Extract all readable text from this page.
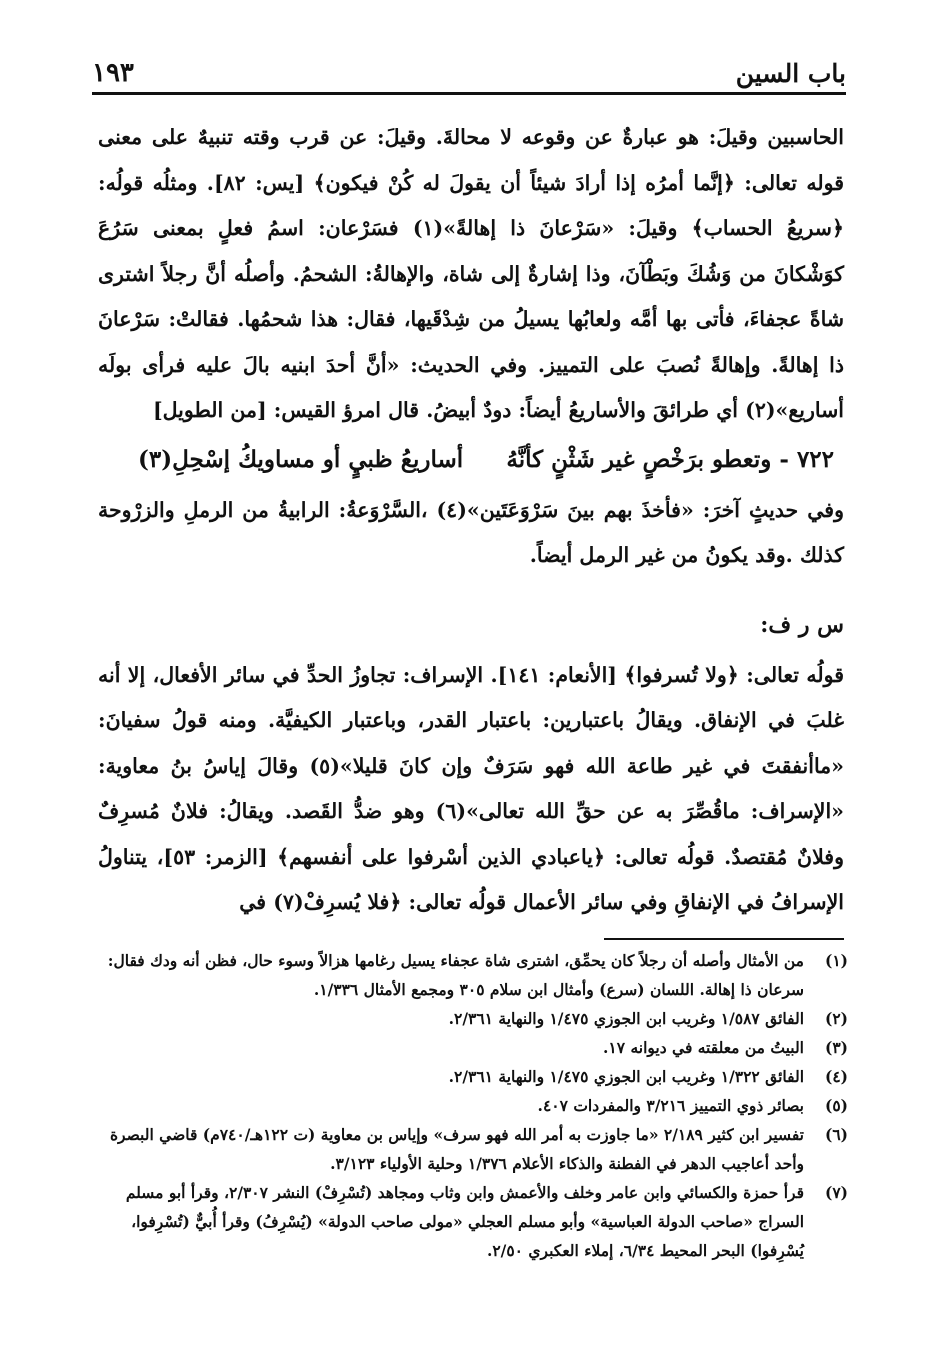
باب السين
١٩٣

الحاسبين وقيلَ: هو عبارةٌ عن وقوعه لا محالةَ. وقيلَ: عن قرب وقته تنبيهٌ على معنى قوله تعالى: ﴿إنَّما أمرُه إذا أرادَ شيئاً أن يقولَ له كُنْ فيكون﴾ [يس: ٨٢]. ومثلُه قولُه: ﴿سريعُ الحساب﴾ وقيلَ: «سَرْعانَ ذا إهالةً»(١) فسَرْعان: اسمُ فعلٍ بمعنى سَرُعَ كوَشْكانَ من وَشُكَ وبَطْآنَ، وذا إشارةٌ إلى شاة، والإهالةُ: الشحمُ. وأصلُه أنَّ رجلاً اشترى شاةً عجفاءَ، فأتى بها أمَّه ولعابُها يسيلُ من شِدْقَيها، فقال: هذا شحمُها. فقالتْ: سَرْعانَ ذا إهالةً. وإهالةً نُصبَ على التمييز. وفي الحديث: «أنَّ أحدَ ابنيه بالَ عليه فرأى بولَه أساريع»(٢) أي طرائقَ والأساريعُ أيضاً: دودٌ أبيضُ. قال امرؤ القيس: [من الطويل]

٧٢٢ - وتعطو برَخْصٍ غير شَثْنٍ كأنَّهُ
أساريعُ ظبيٍ أو مساويكُ إسْحِلِ(٣)

وفي حديثٍ آخرَ: «فأخذَ بهم بينَ سَرْوَعَتَين»(٤) ،السَّرْوَعةُ: الرابيةُ من الرملِ والزرْوحة كذلك .وقد يكونُ من غير الرمل أيضاً.

س ر ف:

قولُه تعالى: ﴿ولا تُسرفوا﴾ [الأنعام: ١٤١]. الإسراف: تجاوزُ الحدِّ في سائر الأفعال، إلا أنه غلبَ في الإنفاق. ويقالُ باعتبارين: باعتبار القدر، وباعتبار الكيفيَّة. ومنه قولُ سفيانَ: «ماأنفقتَ في غير طاعة الله فهو سَرَفٌ وإن كانَ قليلا»(٥) وقالَ إياسُ بنُ معاوية: «الإسراف: ماقُصِّرَ به عن حقِّ الله تعالى»(٦) وهو ضدُّ القَصد. ويقالُ: فلانٌ مُسرِفٌ وفلانٌ مُقتصدٌ. قولُه تعالى: ﴿ياعبادي الذين أسْرفوا على أنفسهم﴾ [الزمر: ٥٣]، يتناولُ الإسرافُ في الإنفاقِ وفي سائر الأعمال قولُه تعالى: ﴿فلا يُسرِفْ(٧) في

(١)
من الأمثال وأصله أن رجلاً كان يحمِّق، اشترى شاة عجفاء يسيل رغامها هزالاً وسوء حال، فظن أنه ودك فقال: سرعان ذا إهالة. اللسان (سرع) وأمثال ابن سلام ٣٠٥ ومجمع الأمثال ١/٣٣٦.
(٢)
الفائق ١/٥٨٧ وغريب ابن الجوزي ١/٤٧٥ والنهاية ٢/٣٦١.
(٣)
البيتُ من معلقته في ديوانه ١٧.
(٤)
الفائق ١/٣٢٢ وغريب ابن الجوزي ١/٤٧٥ والنهاية ٢/٣٦١.
(٥)
بصائر ذوي التمييز ٣/٢١٦ والمفردات ٤٠٧.
(٦)
تفسير ابن كثير ٢/١٨٩ «ما جاوزت به أمر الله فهو سرف» وإياس بن معاوية (ت ١٢٢هـ/٧٤٠م) قاضي البصرة وأحد أعاجيب الدهر في الفطنة والذكاء الأعلام ١/٣٧٦ وحلية الأولياء ٣/١٢٣.
(٧)
قرأ حمزة والكسائي وابن عامر وخلف والأعمش وابن وثاب ومجاهد (تُسْرِفْ) النشر ٢/٣٠٧، وقرأ أبو مسلم السراج «صاحب الدولة العباسية» وأبو مسلم العجلي «مولى صاحب الدولة» (يُسْرِفُ) وقرأ أُبيٌّ (تُسْرِفوا، يُسْرِفوا) البحر المحيط ٦/٣٤، إملاء العكبري ٢/٥٠.
